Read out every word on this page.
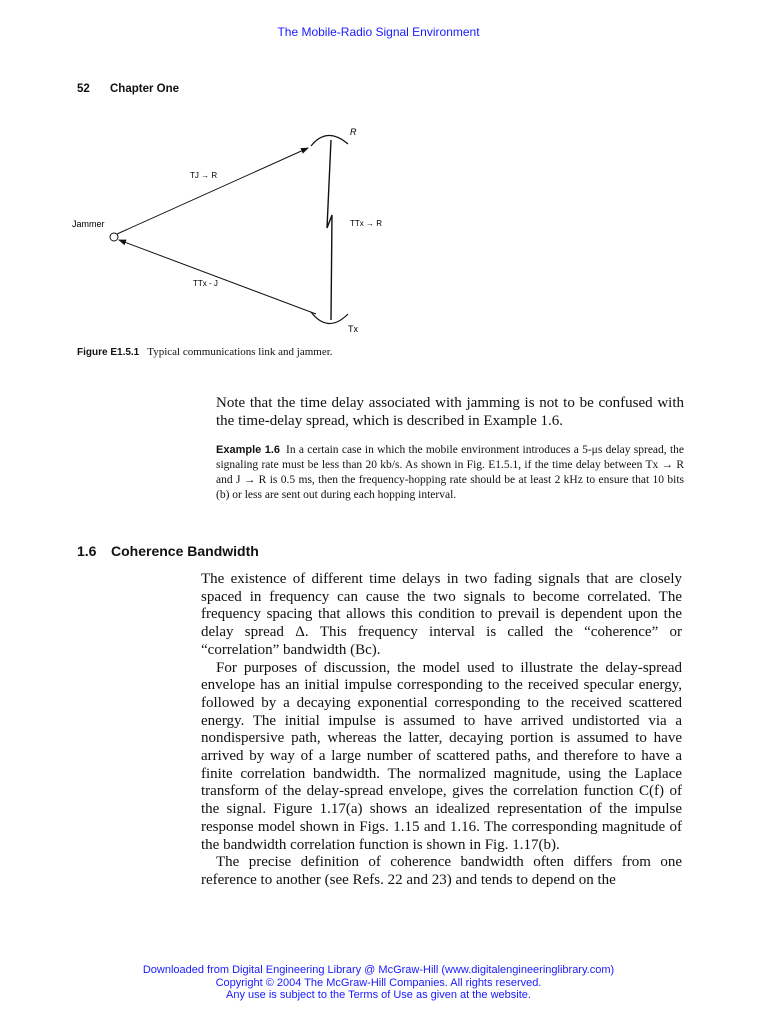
The Mobile-Radio Signal Environment
52 Chapter One
R
Tx
Jammer
TJ → R
TTx → R
TTx - J
Figure E1.5.1 Typical communications link and jammer.
Note that the time delay associated with jamming is not to be confused with the time-delay spread, which is described in Example 1.6.
Example 1.6 In a certain case in which the mobile environment introduces a 5-μs delay spread, the signaling rate must be less than 20 kb/s. As shown in Fig. E1.5.1, if the time delay between Tx → R and J → R is 0.5 ms, then the frequency-hopping rate should be at least 2 kHz to ensure that 10 bits (b) or less are sent out during each hopping interval.
1.6 Coherence Bandwidth

The existence of different time delays in two fading signals that are closely spaced in frequency can cause the two signals to become correlated. The frequency spacing that allows this condition to prevail is dependent upon the delay spread Δ. This frequency interval is called the “coherence” or “correlation” bandwidth (Bc).

For purposes of discussion, the model used to illustrate the delay-spread envelope has an initial impulse corresponding to the received specular energy, followed by a decaying exponential corresponding to the received scattered energy. The initial impulse is assumed to have arrived undistorted via a nondispersive path, whereas the latter, decaying portion is assumed to have arrived by way of a large number of scattered paths, and therefore to have a finite correlation bandwidth. The normalized magnitude, using the Laplace transform of the delay-spread envelope, gives the correlation function C(f) of the signal. Figure 1.17(a) shows an idealized representation of the impulse response model shown in Figs. 1.15 and 1.16. The corresponding magnitude of the bandwidth correlation function is shown in Fig. 1.17(b).

The precise definition of coherence bandwidth often differs from one reference to another (see Refs. 22 and 23) and tends to depend on the

Downloaded from Digital Engineering Library @ McGraw-Hill (www.digitalengineeringlibrary.com)
Copyright © 2004 The McGraw-Hill Companies. All rights reserved.
Any use is subject to the Terms of Use as given at the website.
